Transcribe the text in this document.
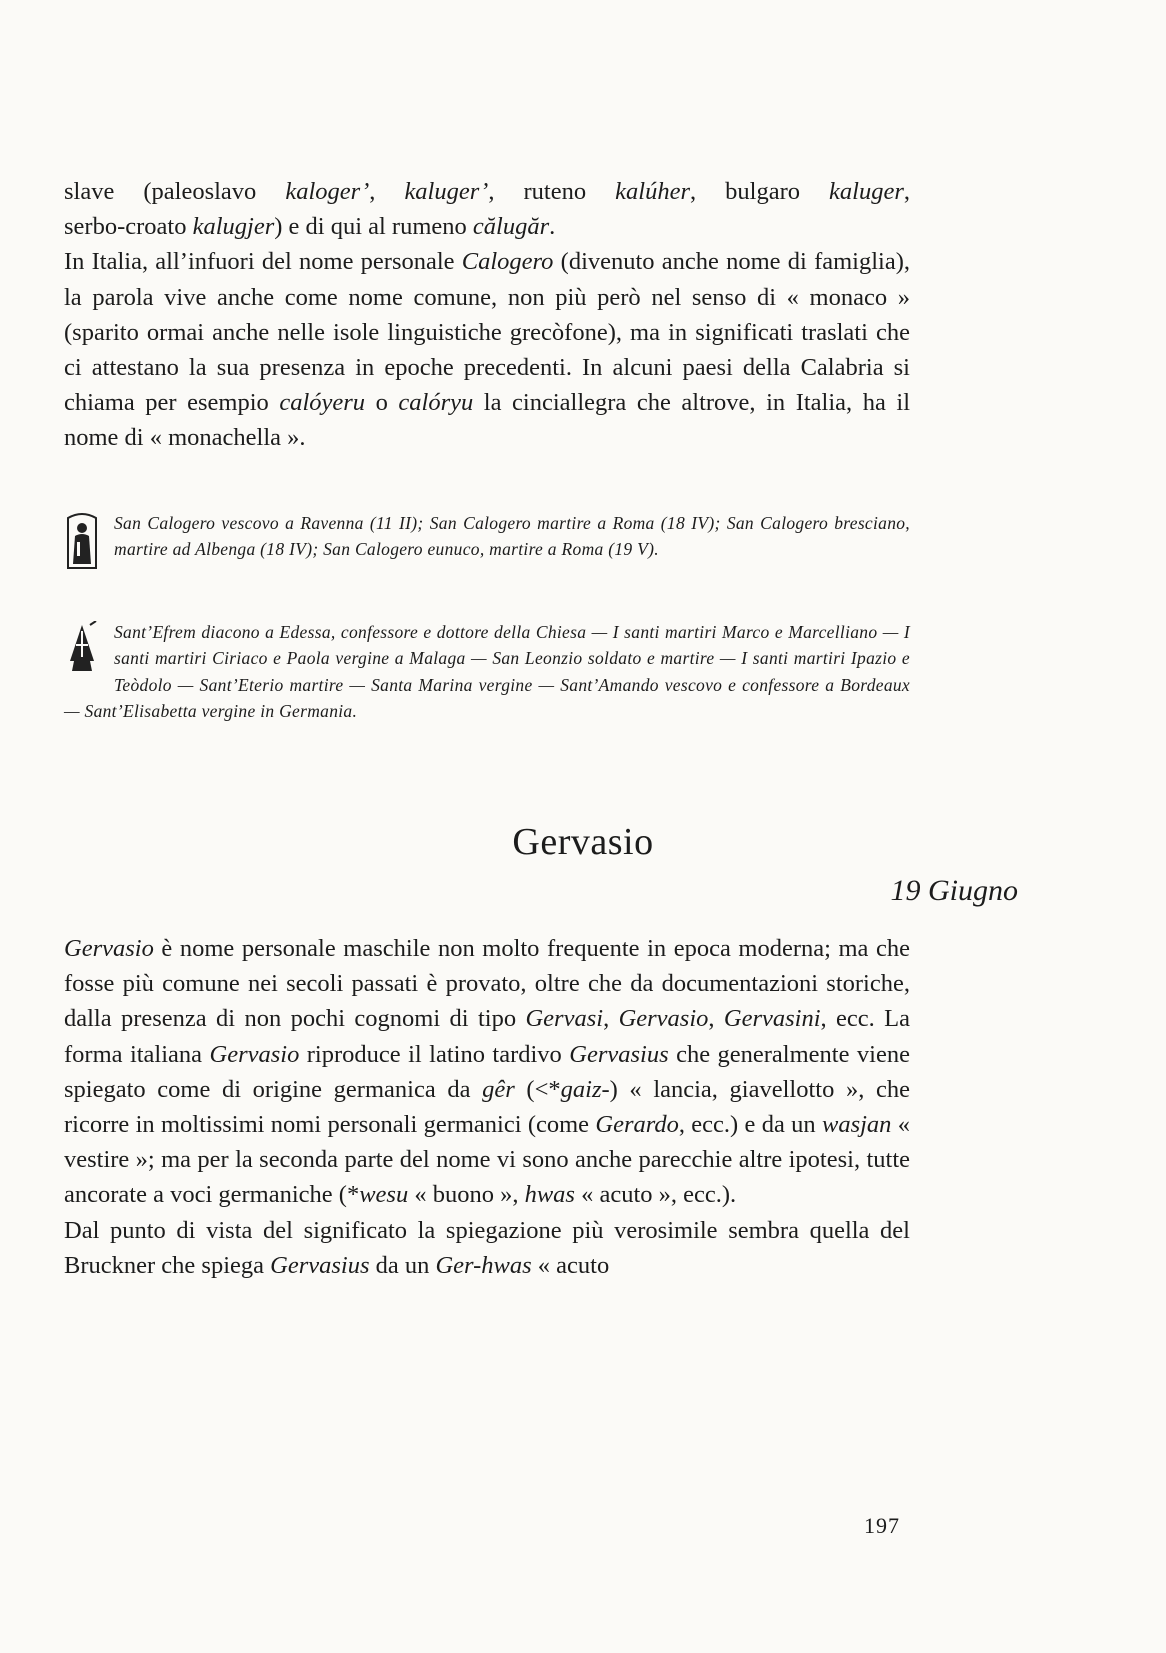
slave (paleoslavo kaloger’, kaluger’, ruteno kalúher, bulgaro kaluger,
serbo-croato kalugjer) e di qui al rumeno călugăr.

In Italia, all’infuori del nome personale Calogero (divenuto anche nome di famiglia), la parola vive anche come nome comune, non più però nel senso di « monaco » (sparito ormai anche nelle isole linguistiche grecòfone), ma in significati traslati che ci attestano la sua presenza in epoche precedenti. In alcuni paesi della Calabria si chiama per esempio calóyeru o calóryu la cinciallegra che altrove, in Italia, ha il nome di « monachella ».

San Calogero vescovo a Ravenna (11 II); San Calogero martire a Roma (18 IV); San Calogero bresciano, martire ad Albenga (18 IV); San Calogero eunuco, martire a Roma (19 V).
Sant’Efrem diacono a Edessa, confessore e dottore della Chiesa — I santi martiri Marco e Marcelliano — I santi martiri Ciriaco e Paola vergine a Malaga — San Leonzio soldato e martire — I santi martiri Ipazio e Teòdolo — Sant’Eterio martire — Santa Marina vergine — Sant’Amando vescovo e confessore a Bordeaux — Sant’Elisabetta vergine in Germania.
Gervasio
19 Giugno

Gervasio è nome personale maschile non molto frequente in epoca moderna; ma che fosse più comune nei secoli passati è provato, oltre che da documentazioni storiche, dalla presenza di non pochi cognomi di tipo Gervasi, Gervasio, Gervasini, ecc. La forma italiana Gervasio riproduce il latino tardivo Gervasius che generalmente viene spiegato come di origine germanica da gêr (<*gaiz-) « lancia, giavellotto », che ricorre in moltissimi nomi personali germanici (come Gerardo, ecc.) e da un wasjan « vestire »; ma per la seconda parte del nome vi sono anche parecchie altre ipotesi, tutte ancorate a voci germaniche (*wesu « buono », hwas « acuto », ecc.).

Dal punto di vista del significato la spiegazione più verosimile sembra quella del Bruckner che spiega Gervasius da un Ger-hwas « acuto

197
